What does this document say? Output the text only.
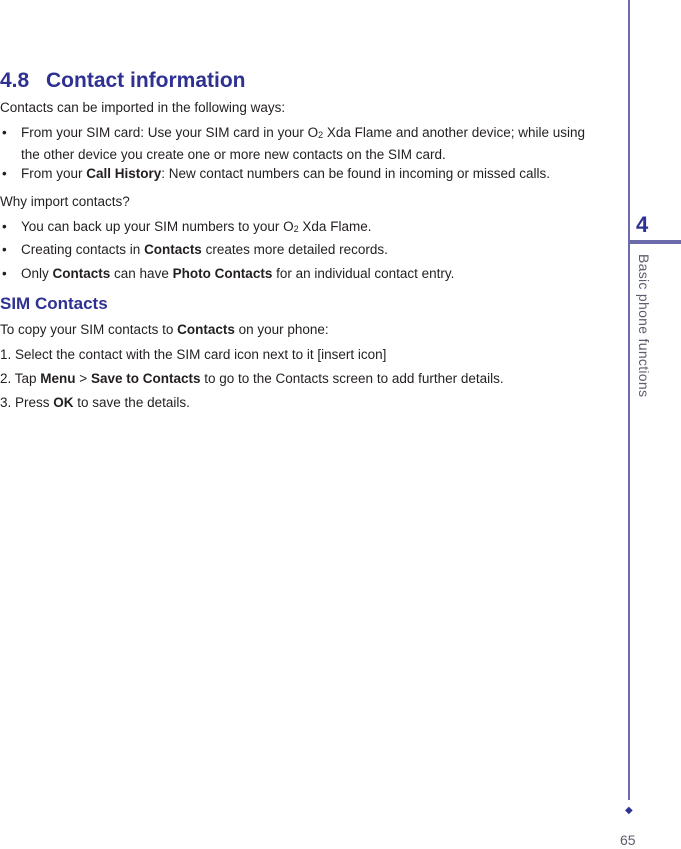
4.8 Contact information
Contacts can be imported in the following ways:
•	From your SIM card: Use your SIM card in your $O_2$ Xda Flame and another device; while using the other device you create one or more new contacts on the SIM card.
•	From your Call History: New contact numbers can be found in incoming or missed calls.
Why import contacts?
•	You can back up your SIM numbers to your $O_2$ Xda Flame.
•	Creating contacts in Contacts creates more detailed records.
•	Only Contacts can have Photo Contacts for an individual contact entry.
SIM Contacts
To copy your SIM contacts to Contacts on your phone:
1. Select the contact with the SIM card icon next to it [insert icon]
2. Tap Menu > Save to Contacts to go to the Contacts screen to add further details.
3. Press OK to save the details.
4
Basic phone functions
◆
65
